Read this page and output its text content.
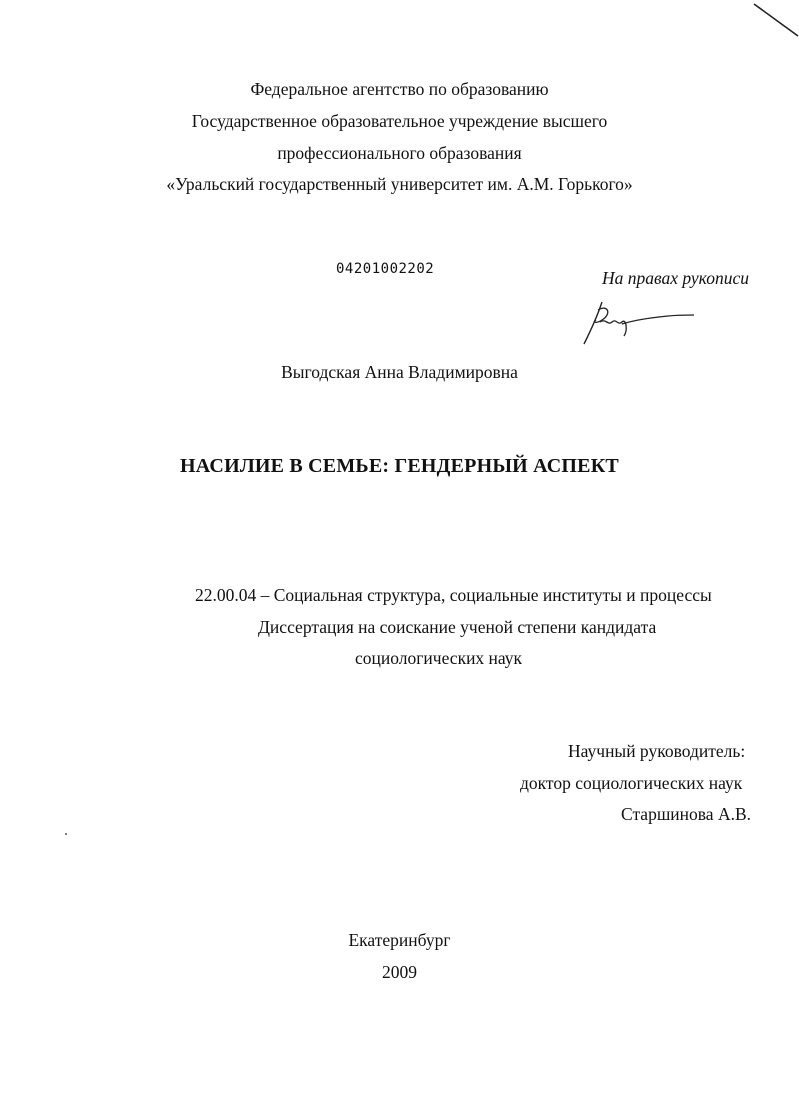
Федеральное агентство по образованию
Государственное образовательное учреждение высшего
профессионального образования
«Уральский государственный университет им. А.М. Горького»
04201002202	На правах рукописи
Выгодская Анна Владимировна
НАСИЛИЕ В СЕМЬЕ: ГЕНДЕРНЫЙ АСПЕКТ
22.00.04 – Социальная структура, социальные институты и процессы
Диссертация на соискание ученой степени кандидата
социологических наук
Научный руководитель:
доктор социологических наук
Старшинова А.В.
Екатеринбург
2009
